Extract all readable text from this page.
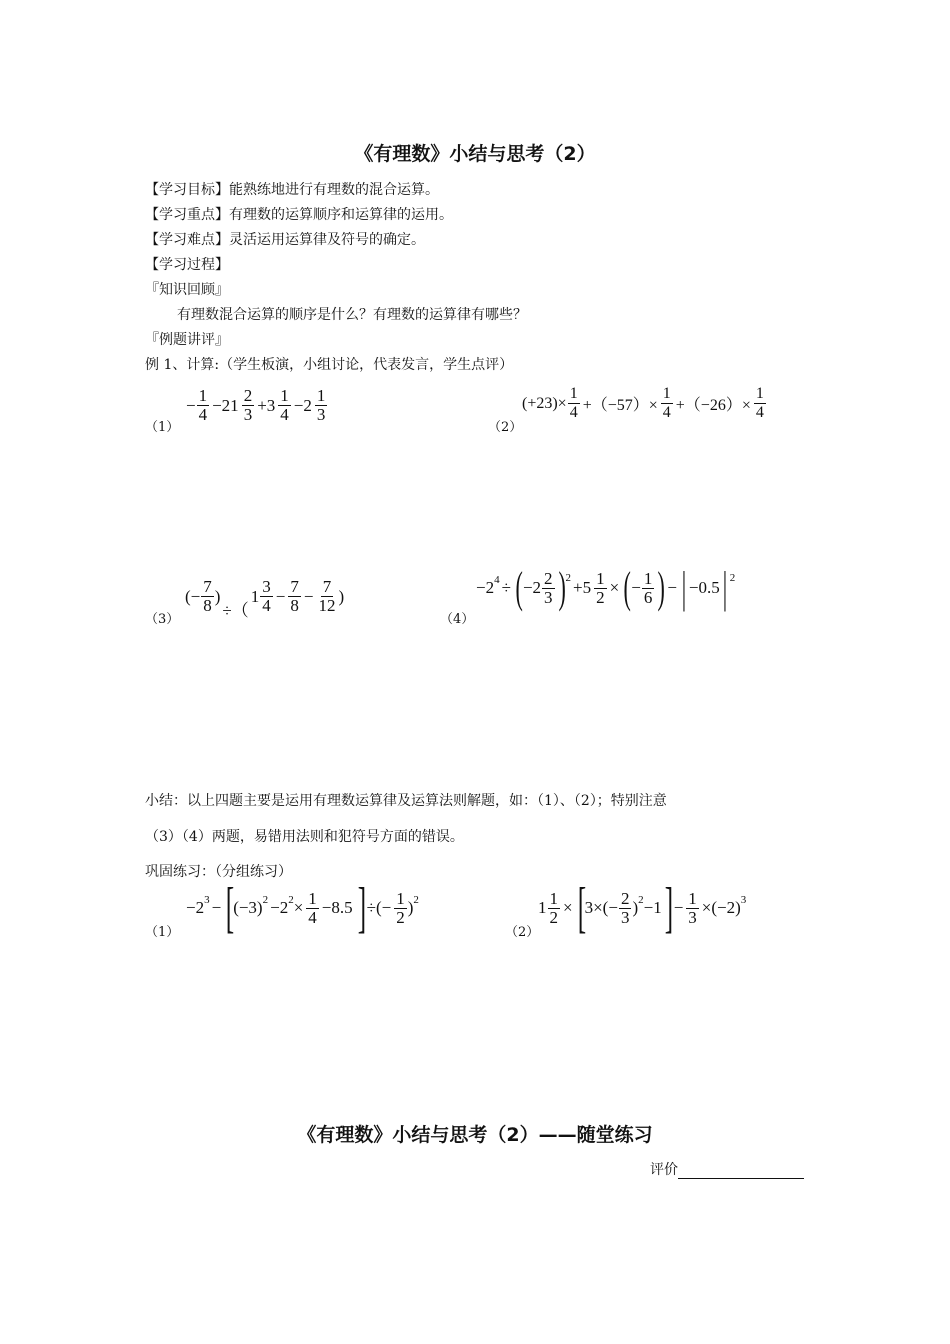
《有理数》小结与思考（2）
【学习目标】能熟练地进行有理数的混合运算。
【学习重点】有理数的运算顺序和运算律的运用。
【学习难点】灵活运用运算律及符号的确定。
【学习过程】
『知识回顾』
有理数混合运算的顺序是什么？有理数的运算律有哪些？
『例题讲评』
例 1、计算:（学生板演，小组讨论，代表发言，学生点评）
（1）
− $\frac{1}{4} -21 \frac{2}{3} +3 \frac{1}{4} -2 \frac{1}{3}$
（2）
$(+23)\times \frac{1}{4} +(-57)\times \frac{1}{4} +(-26)\times \frac{1}{4}$
（3）
(− $\frac{7}{8}$ )
÷（
$1 \frac{3}{4} - \frac{7}{8} - \frac{7}{12}$ )
（4）
$-2^4$ ÷ ( $-2 \frac{2}{3}$ ) $2 +5 \frac{1}{2}$ × ( − $\frac{1}{6}$ ) − | −0.5 | 2
小结：以上四题主要是运用有理数运算律及运算法则解题，如：（1）、（2）；特别注意
（3）（4）两题，易错用法则和犯符号方面的错误。
巩固练习：（分组练习）
（1）
$-2^3$ − [
$(-3)^2 -2^2\times \frac{1}{4} -8.5$ ] ÷(− $\frac{1}{2} )^2$
（2）
$1 \frac{1}{2}$ × [
$3\times(- \frac{2}{3} )^2-1$ ] − $\frac{1}{3} \times(-2)^3$
《有理数》小结与思考（2）——随堂练习
评价
